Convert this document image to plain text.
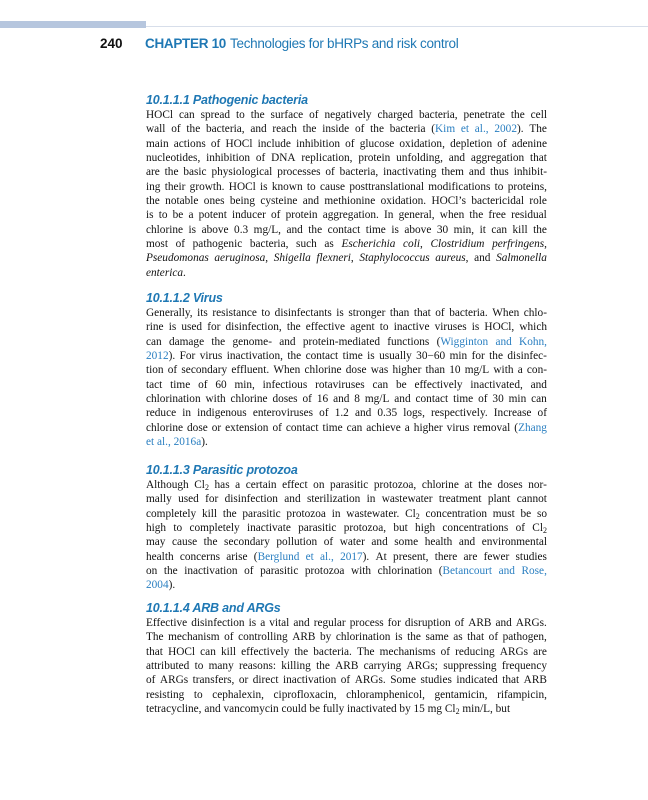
240 CHAPTER 10 Technologies for bHRPs and risk control
10.1.1.1 Pathogenic bacteria
HOCl can spread to the surface of negatively charged bacteria, penetrate the cell
wall of the bacteria, and reach the inside of the bacteria (Kim et al., 2002). The
main actions of HOCl include inhibition of glucose oxidation, depletion of adenine
nucleotides, inhibition of DNA replication, protein unfolding, and aggregation that
are the basic physiological processes of bacteria, inactivating them and thus inhibit-
ing their growth. HOCl is known to cause posttranslational modifications to proteins,
the notable ones being cysteine and methionine oxidation. HOCl’s bactericidal role
is to be a potent inducer of protein aggregation. In general, when the free residual
chlorine is above 0.3 mg/L, and the contact time is above 30 min, it can kill the
most of pathogenic bacteria, such as Escherichia coli, Clostridium perfringens,
Pseudomonas aeruginosa, Shigella flexneri, Staphylococcus aureus, and Salmonella
enterica.
10.1.1.2 Virus
Generally, its resistance to disinfectants is stronger than that of bacteria. When chlo-
rine is used for disinfection, the effective agent to inactive viruses is HOCl, which
can damage the genome- and protein-mediated functions (Wigginton and Kohn,
2012). For virus inactivation, the contact time is usually 30−60 min for the disinfec-
tion of secondary effluent. When chlorine dose was higher than 10 mg/L with a con-
tact time of 60 min, infectious rotaviruses can be effectively inactivated, and
chlorination with chlorine doses of 16 and 8 mg/L and contact time of 30 min can
reduce in indigenous enteroviruses of 1.2 and 0.35 logs, respectively. Increase of
chlorine dose or extension of contact time can achieve a higher virus removal (Zhang
et al., 2016a).
10.1.1.3 Parasitic protozoa
Although Cl2 has a certain effect on parasitic protozoa, chlorine at the doses nor-
mally used for disinfection and sterilization in wastewater treatment plant cannot
completely kill the parasitic protozoa in wastewater. Cl2 concentration must be so
high to completely inactivate parasitic protozoa, but high concentrations of Cl2
may cause the secondary pollution of water and some health and environmental
health concerns arise (Berglund et al., 2017). At present, there are fewer studies
on the inactivation of parasitic protozoa with chlorination (Betancourt and Rose,
2004).
10.1.1.4 ARB and ARGs
Effective disinfection is a vital and regular process for disruption of ARB and ARGs.
The mechanism of controlling ARB by chlorination is the same as that of pathogen,
that HOCl can kill effectively the bacteria. The mechanisms of reducing ARGs are
attributed to many reasons: killing the ARB carrying ARGs; suppressing frequency
of ARGs transfers, or direct inactivation of ARGs. Some studies indicated that ARB
resisting to cephalexin, ciprofloxacin, chloramphenicol, gentamicin, rifampicin,
tetracycline, and vancomycin could be fully inactivated by 15 mg Cl2 min/L, but
